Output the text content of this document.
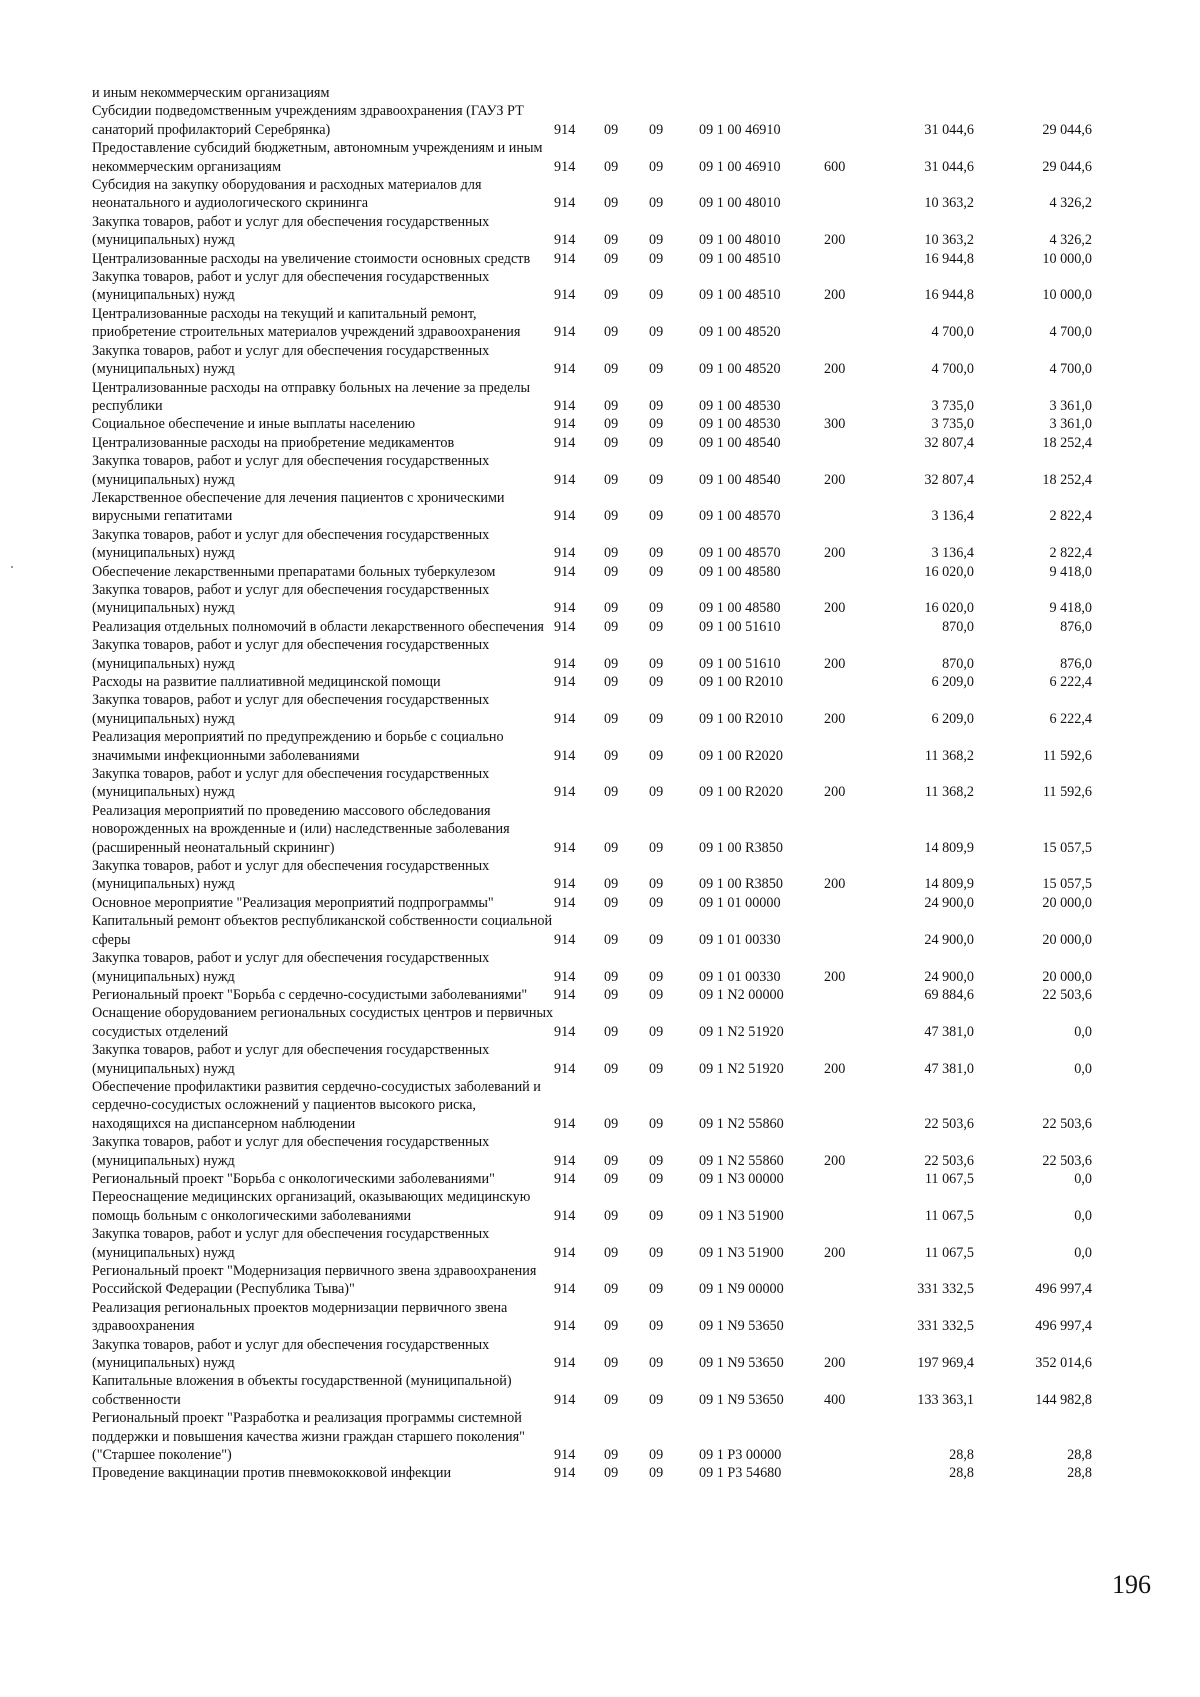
и иным некоммерческим организациям							
Субсидии подведомственным учреждениям здравоохранения (ГАУЗ РТ санаторий профилакторий Серебрянка)	914	09	09	09 1 00 46910		31 044,6	29 044,6
Предоставление субсидий бюджетным, автономным учреждениям и иным некоммерческим организациям	914	09	09	09 1 00 46910	600	31 044,6	29 044,6
Субсидия на закупку оборудования и расходных материалов для неонатального и аудиологического скрининга	914	09	09	09 1 00 48010		10 363,2	4 326,2
Закупка товаров, работ и услуг для обеспечения государственных (муниципальных) нужд	914	09	09	09 1 00 48010	200	10 363,2	4 326,2
Централизованные расходы на увеличение стоимости основных средств	914	09	09	09 1 00 48510		16 944,8	10 000,0
Закупка товаров, работ и услуг для обеспечения государственных (муниципальных) нужд	914	09	09	09 1 00 48510	200	16 944,8	10 000,0
Централизованные расходы на текущий и капитальный ремонт, приобретение строительных материалов учреждений здравоохранения	914	09	09	09 1 00 48520		4 700,0	4 700,0
Закупка товаров, работ и услуг для обеспечения государственных (муниципальных) нужд	914	09	09	09 1 00 48520	200	4 700,0	4 700,0
Централизованные расходы на отправку больных на лечение за пределы республики	914	09	09	09 1 00 48530		3 735,0	3 361,0
Социальное обеспечение и иные выплаты населению	914	09	09	09 1 00 48530	300	3 735,0	3 361,0
Централизованные расходы на приобретение медикаментов	914	09	09	09 1 00 48540		32 807,4	18 252,4
Закупка товаров, работ и услуг для обеспечения государственных (муниципальных) нужд	914	09	09	09 1 00 48540	200	32 807,4	18 252,4
Лекарственное обеспечение для лечения пациентов с хроническими вирусными гепатитами	914	09	09	09 1 00 48570		3 136,4	2 822,4
Закупка товаров, работ и услуг для обеспечения государственных (муниципальных) нужд	914	09	09	09 1 00 48570	200	3 136,4	2 822,4
Обеспечение лекарственными препаратами больных туберкулезом	914	09	09	09 1 00 48580		16 020,0	9 418,0
Закупка товаров, работ и услуг для обеспечения государственных (муниципальных) нужд	914	09	09	09 1 00 48580	200	16 020,0	9 418,0
Реализация отдельных полномочий в области лекарственного обеспечения	914	09	09	09 1 00 51610		870,0	876,0
Закупка товаров, работ и услуг для обеспечения государственных (муниципальных) нужд	914	09	09	09 1 00 51610	200	870,0	876,0
Расходы на развитие паллиативной медицинской помощи	914	09	09	09 1 00 R2010		6 209,0	6 222,4
Закупка товаров, работ и услуг для обеспечения государственных (муниципальных) нужд	914	09	09	09 1 00 R2010	200	6 209,0	6 222,4
Реализация мероприятий по предупреждению и борьбе с социально значимыми инфекционными заболеваниями	914	09	09	09 1 00 R2020		11 368,2	11 592,6
Закупка товаров, работ и услуг для обеспечения государственных (муниципальных) нужд	914	09	09	09 1 00 R2020	200	11 368,2	11 592,6
Реализация мероприятий по проведению массового обследования новорожденных на врожденные и (или) наследственные заболевания (расширенный неонатальный скрининг)	914	09	09	09 1 00 R3850		14 809,9	15 057,5
Закупка товаров, работ и услуг для обеспечения государственных (муниципальных) нужд	914	09	09	09 1 00 R3850	200	14 809,9	15 057,5
Основное мероприятие "Реализация мероприятий подпрограммы"	914	09	09	09 1 01 00000		24 900,0	20 000,0
Капитальный ремонт объектов республиканской собственности социальной сферы	914	09	09	09 1 01 00330		24 900,0	20 000,0
Закупка товаров, работ и услуг для обеспечения государственных (муниципальных) нужд	914	09	09	09 1 01 00330	200	24 900,0	20 000,0
Региональный проект "Борьба с сердечно-сосудистыми заболеваниями"	914	09	09	09 1 N2 00000		69 884,6	22 503,6
Оснащение оборудованием региональных сосудистых центров и первичных сосудистых отделений	914	09	09	09 1 N2 51920		47 381,0	0,0
Закупка товаров, работ и услуг для обеспечения государственных (муниципальных) нужд	914	09	09	09 1 N2 51920	200	47 381,0	0,0
Обеспечение профилактики развития сердечно-сосудистых заболеваний и сердечно-сосудистых осложнений у пациентов высокого риска, находящихся на диспансерном наблюдении	914	09	09	09 1 N2 55860		22 503,6	22 503,6
Закупка товаров, работ и услуг для обеспечения государственных (муниципальных) нужд	914	09	09	09 1 N2 55860	200	22 503,6	22 503,6
Региональный проект "Борьба с онкологическими заболеваниями"	914	09	09	09 1 N3 00000		11 067,5	0,0
Переоснащение медицинских организаций, оказывающих медицинскую помощь больным с онкологическими заболеваниями	914	09	09	09 1 N3 51900		11 067,5	0,0
Закупка товаров, работ и услуг для обеспечения государственных (муниципальных) нужд	914	09	09	09 1 N3 51900	200	11 067,5	0,0
Региональный проект "Модернизация первичного звена здравоохранения Российской Федерации (Республика Тыва)"	914	09	09	09 1 N9 00000		331 332,5	496 997,4
Реализация региональных проектов модернизации первичного звена здравоохранения	914	09	09	09 1 N9 53650		331 332,5	496 997,4
Закупка товаров, работ и услуг для обеспечения государственных (муниципальных) нужд	914	09	09	09 1 N9 53650	200	197 969,4	352 014,6
Капитальные вложения в объекты государственной (муниципальной) собственности	914	09	09	09 1 N9 53650	400	133 363,1	144 982,8
Региональный проект "Разработка и реализация программы системной поддержки и повышения качества жизни граждан старшего поколения" ("Старшее поколение")	914	09	09	09 1 P3 00000		28,8	28,8
Проведение вакцинации против пневмококковой инфекции	914	09	09	09 1 P3 54680		28,8	28,8
196
